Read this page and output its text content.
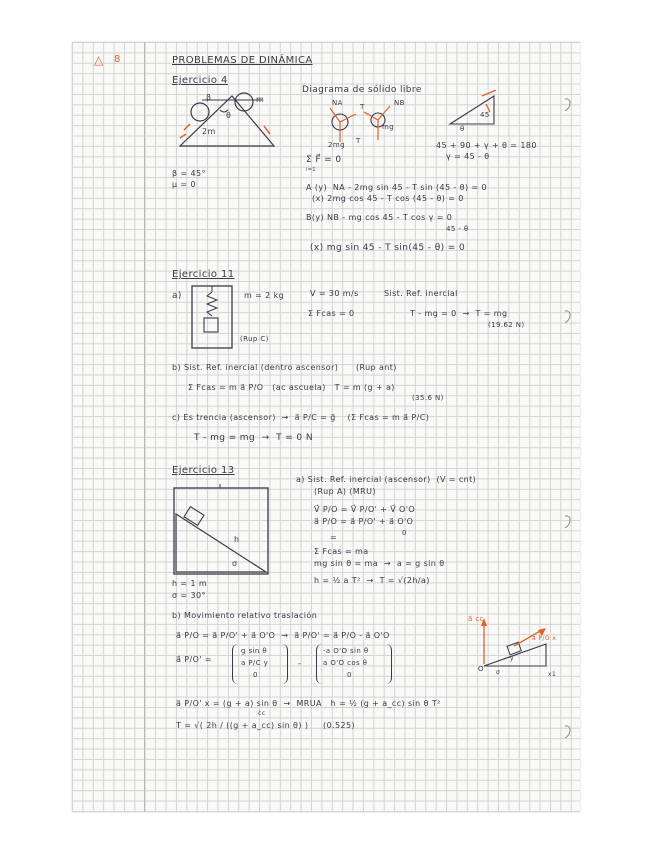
△ 8	PROBLEMAS DE DINÁMICA
Ejercicio 4
β	m
θ
2m
β = 45°
μ = 0
Diagrama de sólido libre
NA T	NB
mg
2mg T
45
θ
45 + 90 + γ + θ = 180
γ = 45 - θ
Σ F⃗ = 0
i=1
A (y)  NA - 2mg sin 45 - T sin (45 - θ) = 0
(x) 2mg cos 45 - T cos (45 - θ) = 0
B(y) NB - mg cos 45 - T cos γ = 0
45 - θ
(x) mg sin 45 - T sin(45 - θ) = 0
Ejercicio 11
a)
(Rup C)
m = 2 kg	V = 30 m/s	Sist. Ref. inercial
Σ Fcas = 0	T - mg = 0  →  T = mg
(19.62 N)
b) Sist. Ref. inercial (dentro ascensor)      (Rup ant)
Σ Fcas = m a⃗ P/O   (ac ascuela)   T = m (g + a)
(35.6 N)
c) Es trencia (ascensor)  →  a⃗ P/C = g⃗    (Σ Fcas = m a⃗ P/C)
T - mg = mg  →  T = 0 N
Ejercicio 13
h
σ
h = 1 m
σ = 30°
a) Sist. Ref. inercial (ascensor)  (V = cnt)
(Rup A) (MRU)
V⃗ P/O = V⃗ P/O' + V⃗ O'O
a⃗ P/O = a⃗ P/O' + a⃗ O'O
0
=
Σ Fcas = ma
mg sin θ = ma  →  a = g sin θ
h = ½ a T²  →  T = √(2h/a)
b) Movimiento relativo traslación
a⃗ P/O = a⃗ P/O' + a⃗ O'O  →  a⃗ P/O' = a⃗ P/O - a⃗ O'O
a⃗ P/O' =
g sin θ
a P/C y
0
-
-a O'O sin θ
a O'O cos θ
0
a⃗ cc
a⃗ P/O x
O
x1
y
σ
a⃗ P/O' x = (g + a) sin θ  →  MRUA   h = ½ (g + a_cc) sin θ T²
cc
T = √( 2h / ((g + a_cc) sin θ) )     (0.525)
